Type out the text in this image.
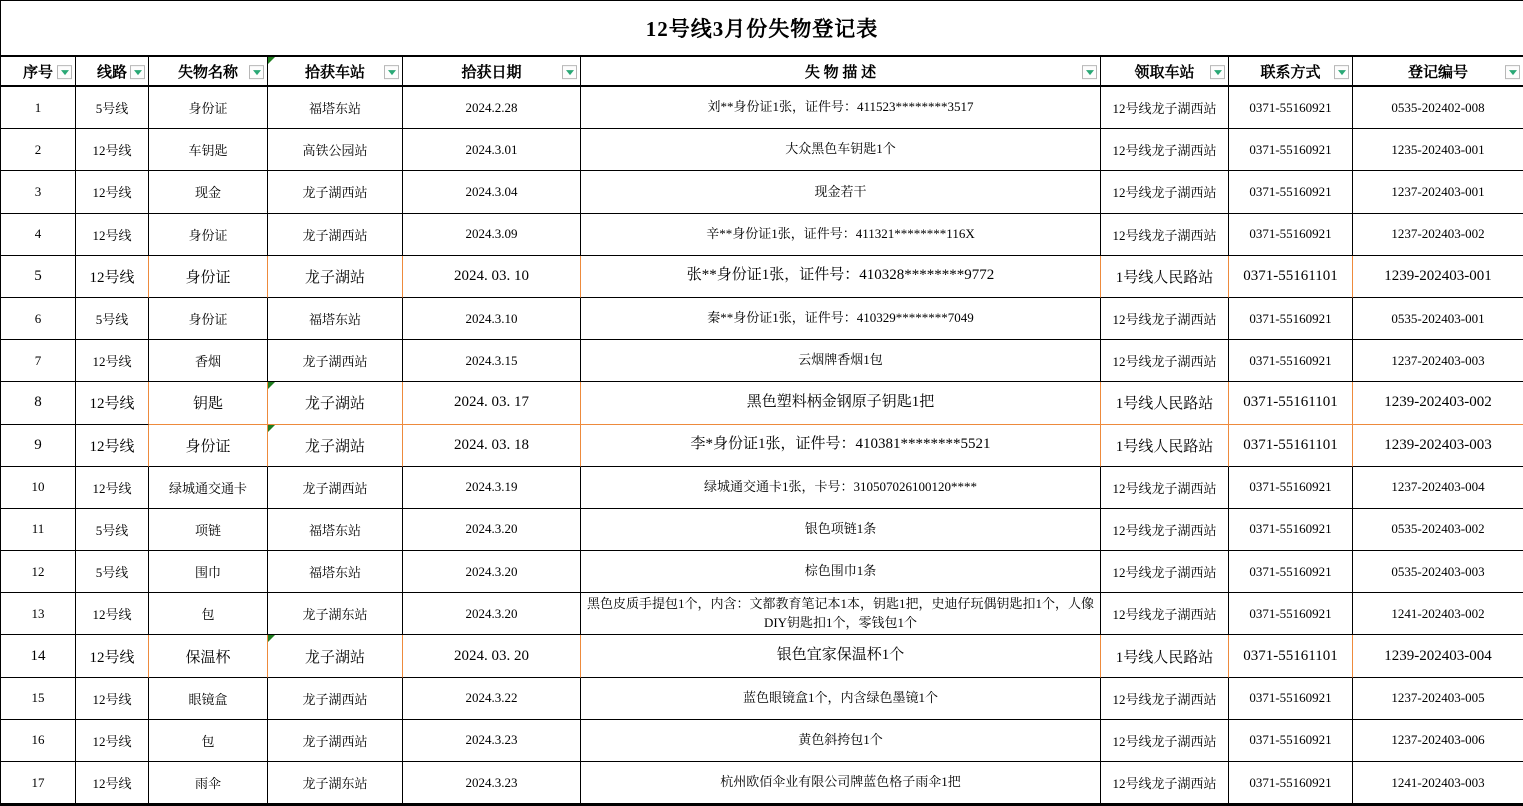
12号线3月份失物登记表
序号	线路	失物名称	拾获车站	拾获日期	失 物 描 述	领取车站	联系方式	登记编号

1	5号线	身份证	福塔东站	2024.2.28	刘**身份证1张，证件号：411523********3517	12号线龙子湖西站	0371-55160921	0535-202402-008
2	12号线	车钥匙	高铁公园站	2024.3.01	大众黑色车钥匙1个	12号线龙子湖西站	0371-55160921	1235-202403-001
3	12号线	现金	龙子湖西站	2024.3.04	现金若干	12号线龙子湖西站	0371-55160921	1237-202403-001
4	12号线	身份证	龙子湖西站	2024.3.09	辛**身份证1张，证件号：411321********116X	12号线龙子湖西站	0371-55160921	1237-202403-002
5	12号线	身份证	龙子湖站	2024. 03. 10	张**身份证1张，证件号：410328********9772	1号线人民路站	0371-55161101	1239-202403-001
6	5号线	身份证	福塔东站	2024.3.10	秦**身份证1张，证件号：410329********7049	12号线龙子湖西站	0371-55160921	0535-202403-001
7	12号线	香烟	龙子湖西站	2024.3.15	云烟牌香烟1包	12号线龙子湖西站	0371-55160921	1237-202403-003
8	12号线	钥匙	龙子湖站	2024. 03. 17	黑色塑料柄金钢原子钥匙1把	1号线人民路站	0371-55161101	1239-202403-002
9	12号线	身份证	龙子湖站	2024. 03. 18	李*身份证1张，证件号：410381********5521	1号线人民路站	0371-55161101	1239-202403-003
10	12号线	绿城通交通卡	龙子湖西站	2024.3.19	绿城通交通卡1张，卡号：310507026100120****	12号线龙子湖西站	0371-55160921	1237-202403-004
11	5号线	项链	福塔东站	2024.3.20	银色项链1条	12号线龙子湖西站	0371-55160921	0535-202403-002
12	5号线	围巾	福塔东站	2024.3.20	棕色围巾1条	12号线龙子湖西站	0371-55160921	0535-202403-003
13	12号线	包	龙子湖东站	2024.3.20	黑色皮质手提包1个，内含：文都教育笔记本1本，钥匙1把，史迪仔玩偶钥匙扣1个，人像DIY钥匙扣1个，零钱包1个	12号线龙子湖西站	0371-55160921	1241-202403-002
14	12号线	保温杯	龙子湖站	2024. 03. 20	银色宜家保温杯1个	1号线人民路站	0371-55161101	1239-202403-004
15	12号线	眼镜盒	龙子湖西站	2024.3.22	蓝色眼镜盒1个，内含绿色墨镜1个	12号线龙子湖西站	0371-55160921	1237-202403-005
16	12号线	包	龙子湖西站	2024.3.23	黄色斜挎包1个	12号线龙子湖西站	0371-55160921	1237-202403-006
17	12号线	雨伞	龙子湖东站	2024.3.23	杭州欧佰伞业有限公司牌蓝色格子雨伞1把	12号线龙子湖西站	0371-55160921	1241-202403-003
